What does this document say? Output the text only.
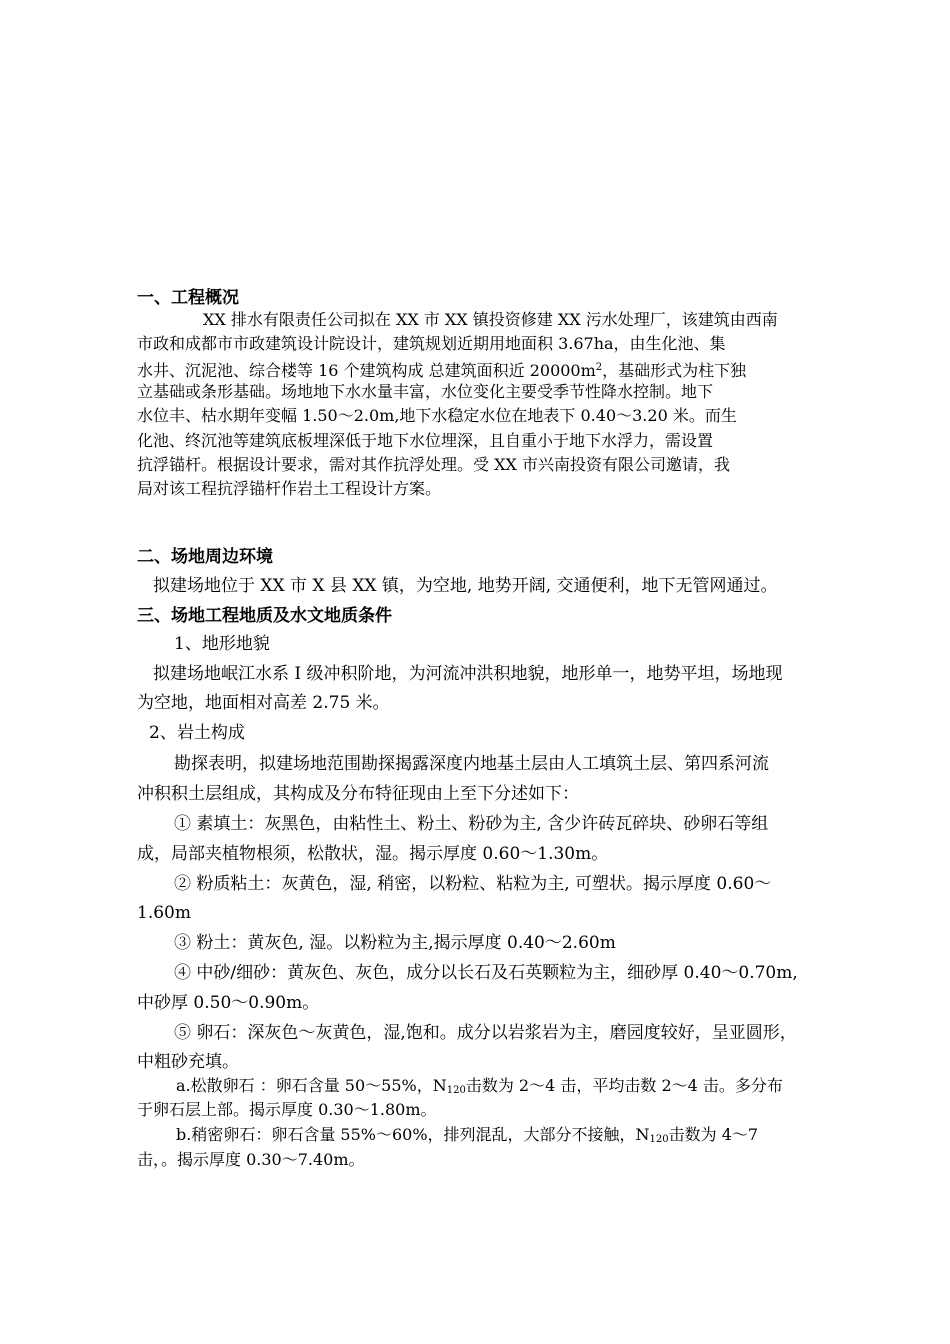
一、工程概况
XX 排水有限责任公司拟在 XX 市 XX 镇投资修建 XX 污水处理厂，该建筑由西南
市政和成都市市政建筑设计院设计，建筑规划近期用地面积 3.67ha，由生化池、集
水井、沉泥池、综合楼等 16 个建筑构成 总建筑面积近 $20000m^2$，基础形式为柱下独
立基础或条形基础。场地地下水水量丰富，水位变化主要受季节性降水控制。地下
水位丰、枯水期年变幅 1.50～2.0m,地下水稳定水位在地表下 0.40～3.20 米。而生
化池、终沉池等建筑底板埋深低于地下水位埋深，且自重小于地下水浮力，需设置
抗浮锚杆。根据设计要求，需对其作抗浮处理。受 XX 市兴南投资有限公司邀请，我
局对该工程抗浮锚杆作岩土工程设计方案。
二、场地周边环境
拟建场地位于 XX 市 X 县 XX 镇，为空地, 地势开阔, 交通便利，地下无管网通过。
三、场地工程地质及水文地质条件
1、地形地貌
拟建场地岷江水系 I 级冲积阶地，为河流冲洪积地貌，地形单一，地势平坦，场地现
为空地，地面相对高差 2.75 米。
2、岩土构成
勘探表明，拟建场地范围勘探揭露深度内地基土层由人工填筑土层、第四系河流
冲积积土层组成，其构成及分布特征现由上至下分述如下：
① 素填土：灰黑色，由粘性土、粉土、粉砂为主, 含少许砖瓦碎块、砂卵石等组
成，局部夹植物根须，松散状，湿。揭示厚度 0.60～1.30m。
② 粉质粘土：灰黄色，湿, 稍密，以粉粒、粘粒为主, 可塑状。揭示厚度 0.60～
1.60m
③ 粉土：黄灰色, 湿。以粉粒为主,揭示厚度 0.40～2.60m
④ 中砂/细砂：黄灰色、灰色，成分以长石及石英颗粒为主，细砂厚 0.40～0.70m,
中砂厚 0.50～0.90m。
⑤ 卵石：深灰色～灰黄色，湿,饱和。成分以岩浆岩为主，磨园度较好，呈亚圆形，
中粗砂充填。
a.松散卵石 ：卵石含量 50～55%，$N_{120}$击数为 2～4 击，平均击数 2～4 击。多分布
于卵石层上部。揭示厚度 0.30～1.80m。
b.稍密卵石：卵石含量 55%～60%，排列混乱，大部分不接触，$N_{120}$击数为 4～7
击，。揭示厚度 0.30～7.40m。
